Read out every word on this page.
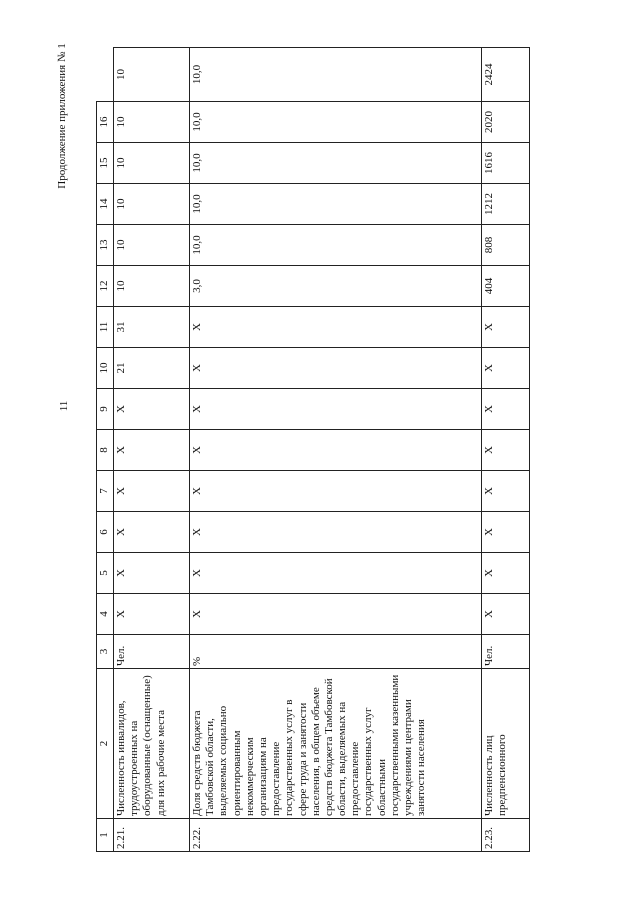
11
Продолжение приложения № 1
1	2	3	4	5	6	7	8	9	10	11	12	13	14	15	16	
2.21.	Численность инвалидов, трудоустроенных на оборудованные (оснащенные) для них рабочие места	Чел.	Х	Х	Х	Х	Х	Х	21	31	10	10	10	10	10	10
2.22.	Доля средств бюджета Тамбовской области, выделяемых социально ориентированным некоммерческим организациям на предоставление государственных услуг в сфере труда и занятости населения, в общем объеме средств бюджета Тамбовской области, выделяемых на предоставление государственных услуг областными государственными казенными учреждениями центрами занятости населения	%	Х	Х	Х	Х	Х	Х	Х	Х	3,0	10,0	10,0	10,0	10,0	10,0
2.23.	Численность лиц предпенсионного	Чел.	Х	Х	Х	Х	Х	Х	Х	Х	404	808	1212	1616	2020	2424
